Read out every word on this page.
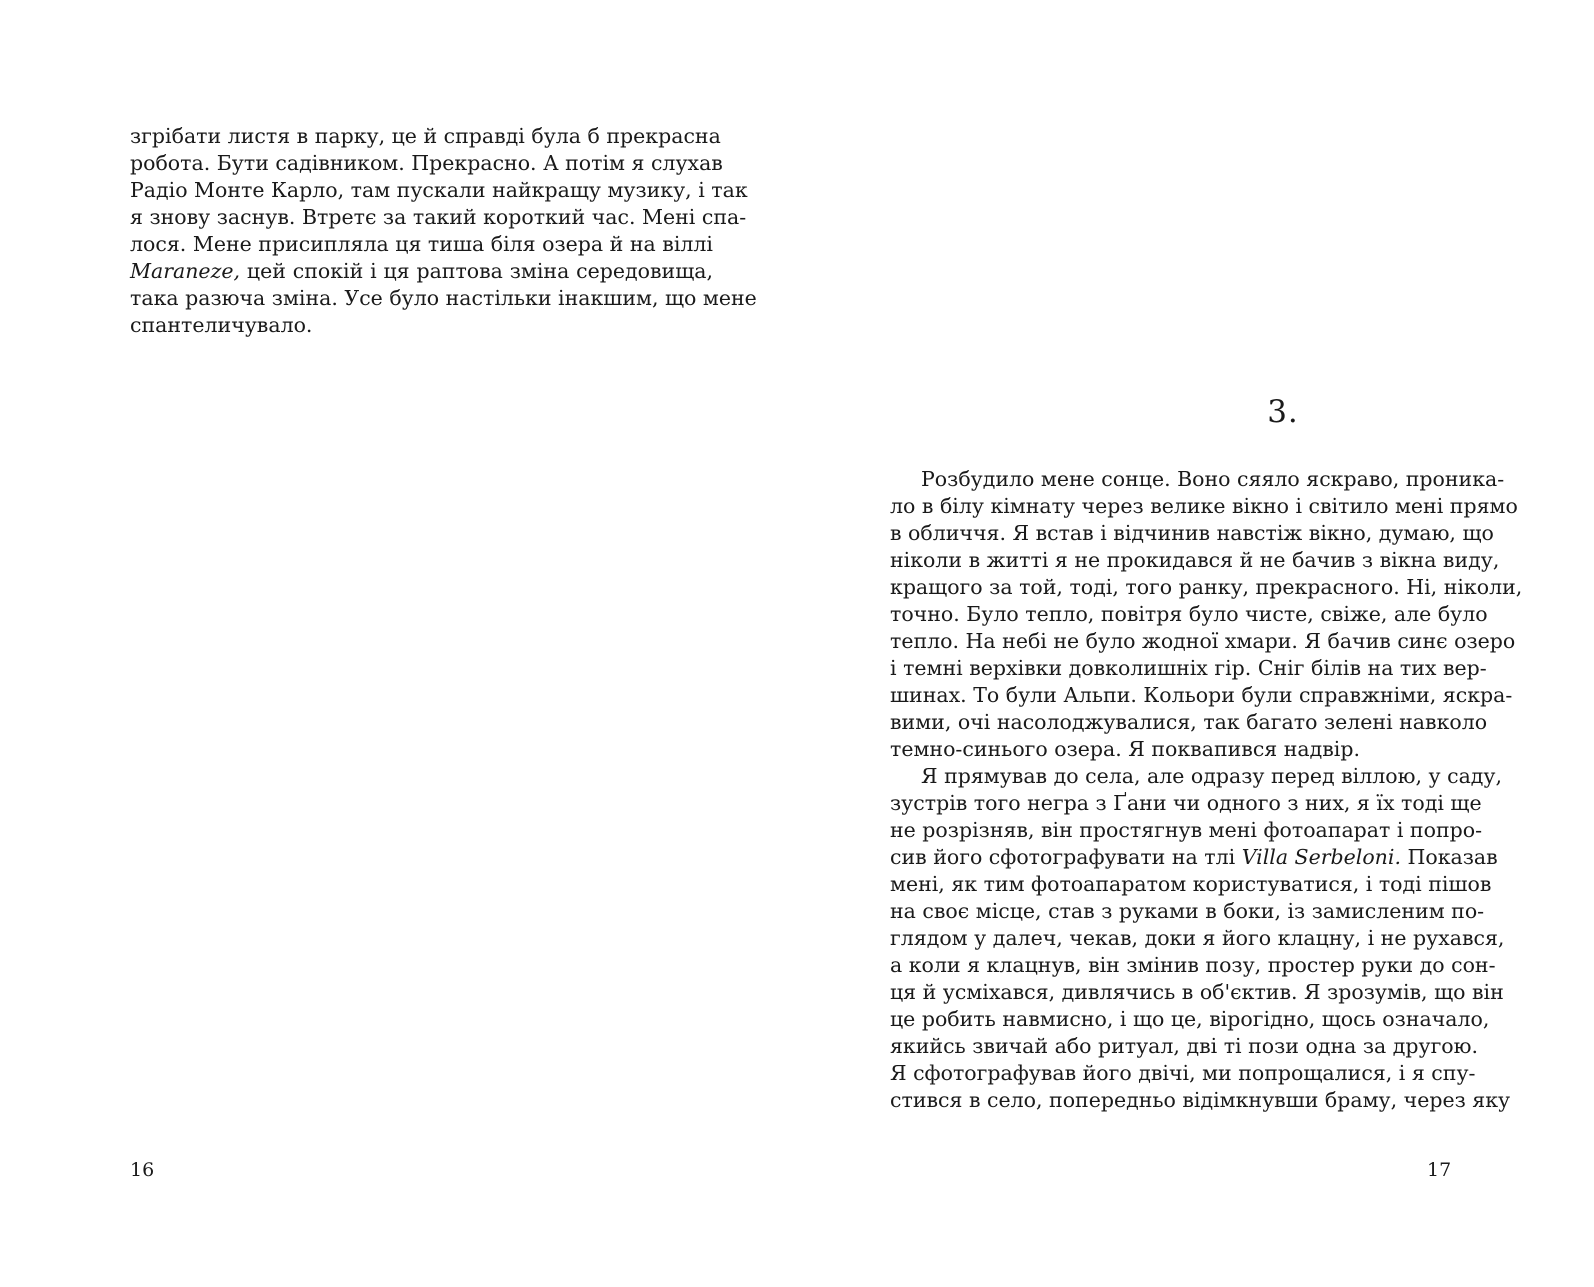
згрібати листя в парку, це й справді була б прекрасна
робота. Бути садівником. Прекрасно. А потім я слухав
Радіо Монте Карло, там пускали найкращу музику, і так
я знову заснув. Втретє за такий короткий час. Мені спа-
лося. Мене присипляла ця тиша біля озера й на віллі
Maraneze, цей спокій і ця раптова зміна середовища,
така разюча зміна. Усе було настільки інакшим, що мене
спантеличувало.
16
3.
Розбудило мене сонце. Воно сяяло яскраво, проника-
ло в білу кімнату через велике вікно і світило мені прямо
в обличчя. Я встав і відчинив навстіж вікно, думаю, що
ніколи в житті я не прокидався й не бачив з вікна виду,
кращого за той, тоді, того ранку, прекрасного. Ні, ніколи,
точно. Було тепло, повітря було чисте, свіже, але було
тепло. На небі не було жодної хмари. Я бачив синє озеро
і темні верхівки довколишніх гір. Сніг білів на тих вер-
шинах. То були Альпи. Кольори були справжніми, яскра-
вими, очі насолоджувалися, так багато зелені навколо
темно-синього озера. Я поквапився надвір.
Я прямував до села, але одразу перед віллою, у саду,
зустрів того негра з Ґани чи одного з них, я їх тоді ще
не розрізняв, він простягнув мені фотоапарат і попро-
сив його сфотографувати на тлі Villa Serbeloni. Показав
мені, як тим фотоапаратом користуватися, і тоді пішов
на своє місце, став з руками в боки, із замисленим по-
глядом у далеч, чекав, доки я його клацну, і не рухався,
а коли я клацнув, він змінив позу, простер руки до сон-
ця й усміхався, дивлячись в об'єктив. Я зрозумів, що він
це робить навмисно, і що це, вірогідно, щось означало,
якийсь звичай або ритуал, дві ті пози одна за другою.
Я сфотографував його двічі, ми попрощалися, і я спу-
стився в село, попередньо відімкнувши браму, через яку
17
